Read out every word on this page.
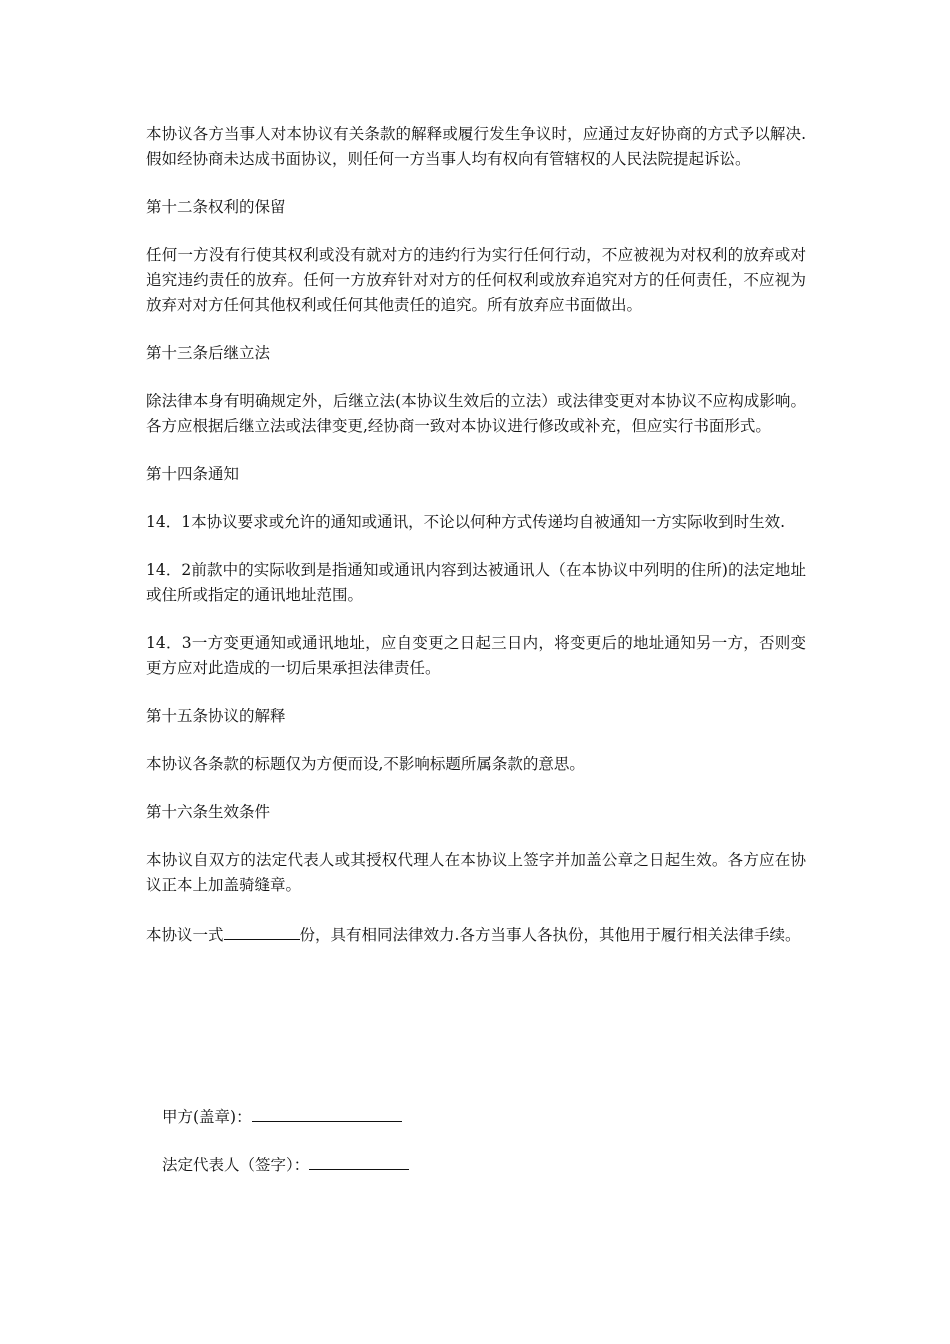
本协议各方当事人对本协议有关条款的解释或履行发生争议时，应通过友好协商的方式予以解决.假如经协商未达成书面协议，则任何一方当事人均有权向有管辖权的人民法院提起诉讼。

第十二条权利的保留

任何一方没有行使其权利或没有就对方的违约行为实行任何行动，不应被视为对权利的放弃或对追究违约责任的放弃。任何一方放弃针对对方的任何权利或放弃追究对方的任何责任，不应视为放弃对对方任何其他权利或任何其他责任的追究。所有放弃应书面做出。

第十三条后继立法

除法律本身有明确规定外，后继立法(本协议生效后的立法）或法律变更对本协议不应构成影响。各方应根据后继立法或法律变更,经协商一致对本协议进行修改或补充，但应实行书面形式。

第十四条通知

14．1本协议要求或允许的通知或通讯，不论以何种方式传递均自被通知一方实际收到时生效.

14．2前款中的实际收到是指通知或通讯内容到达被通讯人（在本协议中列明的住所)的法定地址或住所或指定的通讯地址范围。

14．3一方变更通知或通讯地址，应自变更之日起三日内，将变更后的地址通知另一方，否则变更方应对此造成的一切后果承担法律责任。

第十五条协议的解释

本协议各条款的标题仅为方便而设,不影响标题所属条款的意思。

第十六条生效条件

本协议自双方的法定代表人或其授权代理人在本协议上签字并加盖公章之日起生效。各方应在协议正本上加盖骑缝章。

本协议一式	份，具有相同法律效力.各方当事人各执份，其他用于履行相关法律手续。

甲方(盖章)：
法定代表人（签字）：
